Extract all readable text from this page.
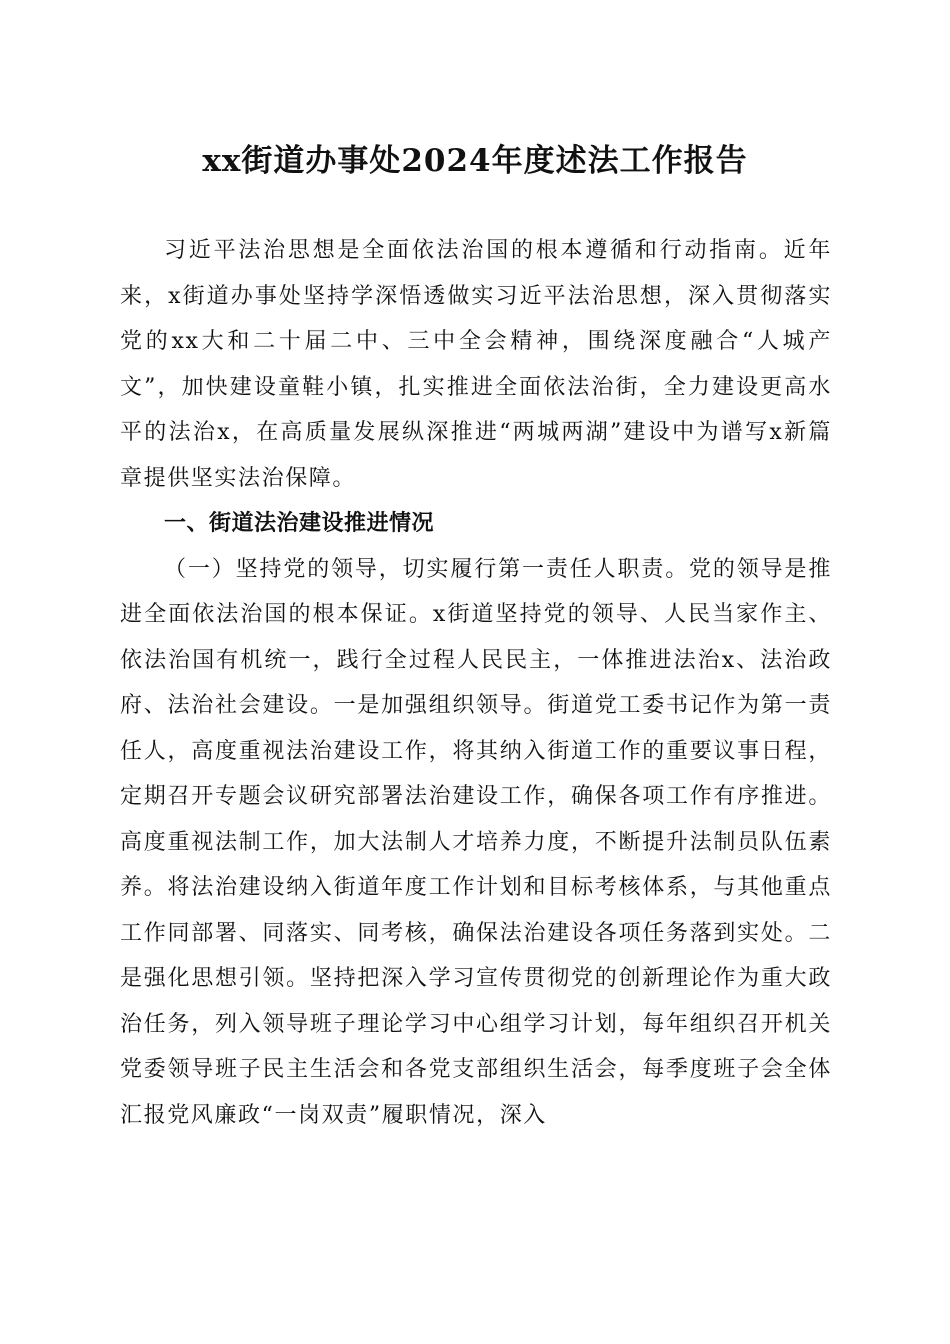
xx街道办事处2024年度述法工作报告

习近平法治思想是全面依法治国的根本遵循和行动指南。近年来，x街道办事处坚持学深悟透做实习近平法治思想，深入贯彻落实党的xx大和二十届二中、三中全会精神，围绕深度融合“人城产文”，加快建设童鞋小镇，扎实推进全面依法治街，全力建设更高水平的法治x，在高质量发展纵深推进“两城两湖”建设中为谱写x新篇章提供坚实法治保障。

一、街道法治建设推进情况

（一）坚持党的领导，切实履行第一责任人职责。党的领导是推进全面依法治国的根本保证。x街道坚持党的领导、人民当家作主、依法治国有机统一，践行全过程人民民主，一体推进法治x、法治政府、法治社会建设。一是加强组织领导。街道党工委书记作为第一责任人，高度重视法治建设工作，将其纳入街道工作的重要议事日程，定期召开专题会议研究部署法治建设工作，确保各项工作有序推进。高度重视法制工作，加大法制人才培养力度，不断提升法制员队伍素养。将法治建设纳入街道年度工作计划和目标考核体系，与其他重点工作同部署、同落实、同考核，确保法治建设各项任务落到实处。二是强化思想引领。坚持把深入学习宣传贯彻党的创新理论作为重大政治任务，列入领导班子理论学习中心组学习计划，每年组织召开机关党委领导班子民主生活会和各党支部组织生活会，每季度班子会全体汇报党风廉政“一岗双责”履职情况，深入
